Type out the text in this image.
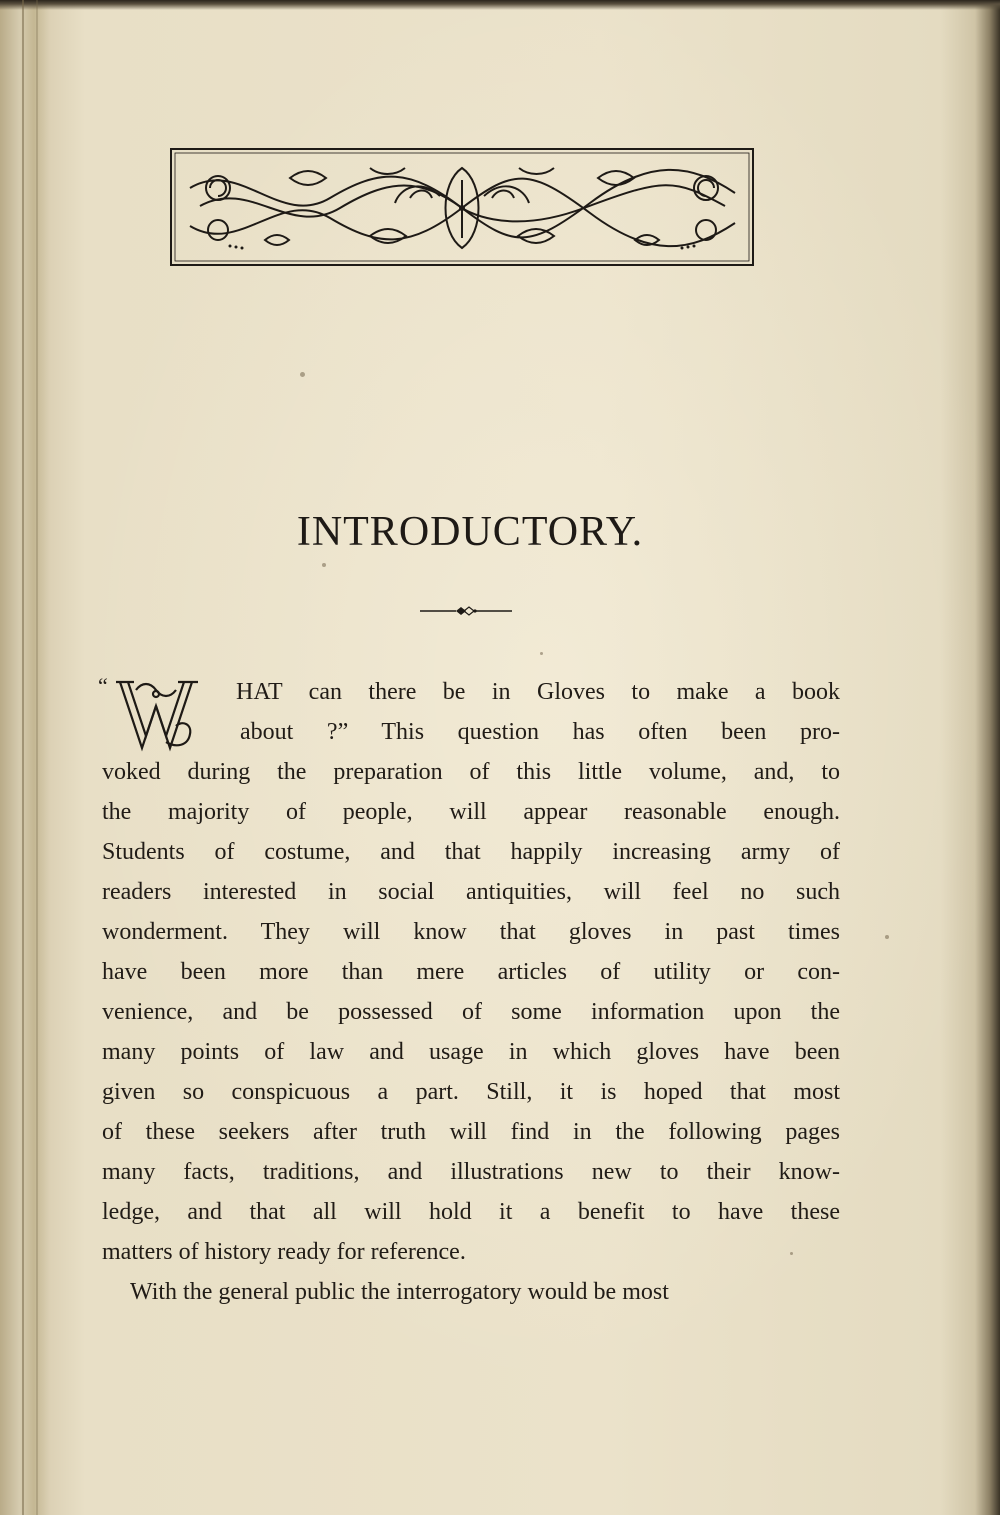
INTRODUCTORY.
“
W
HAT can there be in Gloves to make a book
about ?” This question has often been pro-
voked during the preparation of this little volume, and, to
the majority of people, will appear reasonable enough.
Students of costume, and that happily increasing army of
readers interested in social antiquities, will feel no such
wonderment. They will know that gloves in past times
have been more than mere articles of utility or con-
venience, and be possessed of some information upon the
many points of law and usage in which gloves have been
given so conspicuous a part. Still, it is hoped that most
of these seekers after truth will find in the following pages
many facts, traditions, and illustrations new to their know-
ledge, and that all will hold it a benefit to have these
matters of history ready for reference.
With the general public the interrogatory would be most
